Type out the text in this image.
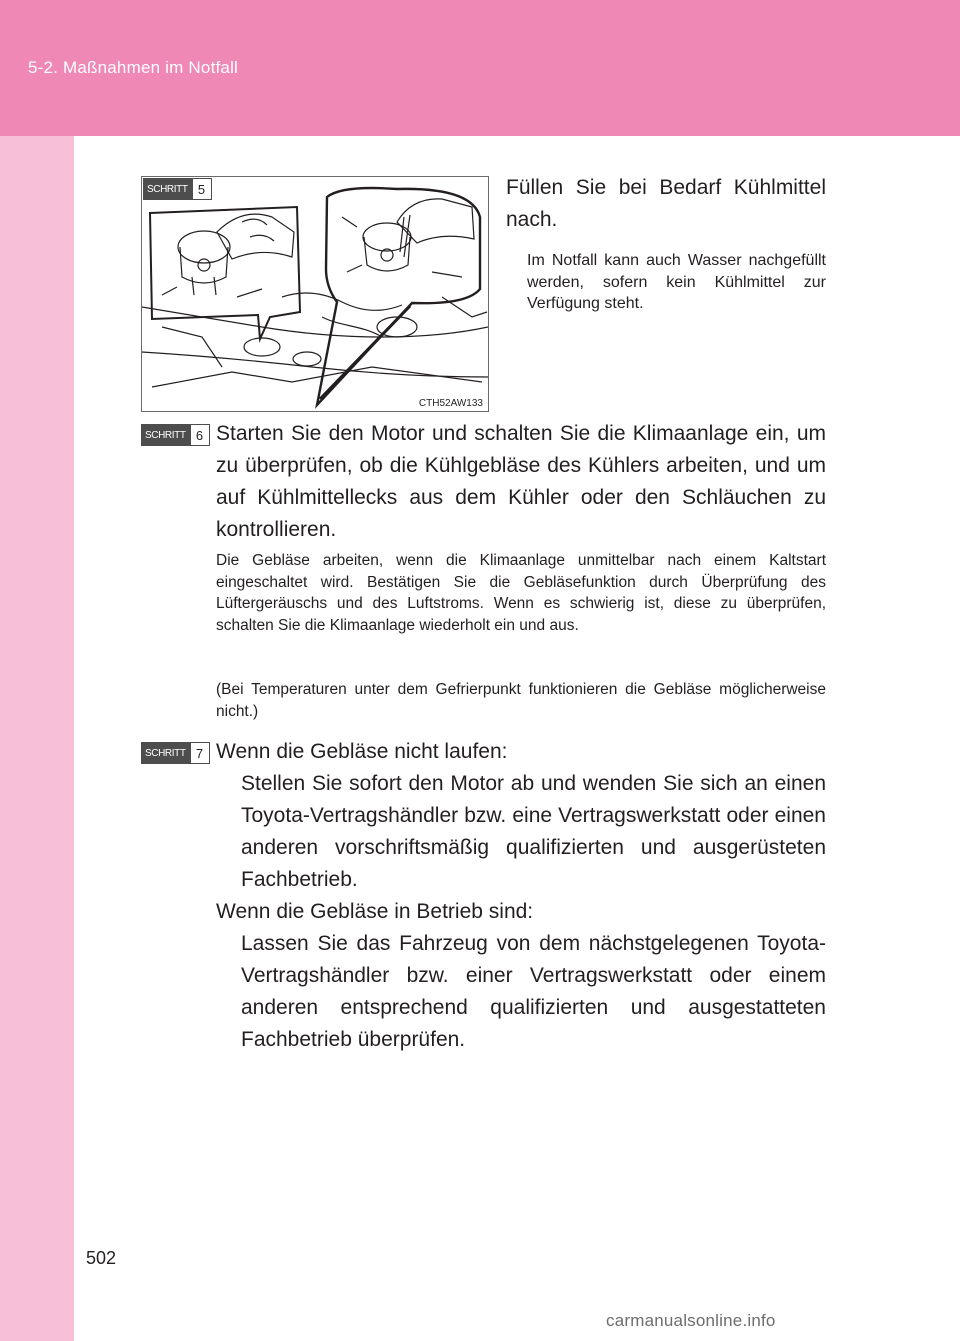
5-2. Maßnahmen im Notfall
SCHRITT 5
CTH52AW133

Füllen Sie bei Bedarf Kühlmittel nach.

Im Notfall kann auch Wasser nachgefüllt werden, sofern kein Kühlmittel zur Verfügung steht.

SCHRITT 6 Starten Sie den Motor und schalten Sie die Klimaanlage ein, um zu überprüfen, ob die Kühlgebläse des Kühlers arbeiten, und um auf Kühlmittellecks aus dem Kühler oder den Schläuchen zu kontrollieren.

Die Gebläse arbeiten, wenn die Klimaanlage unmittelbar nach einem Kaltstart eingeschaltet wird. Bestätigen Sie die Gebläsefunktion durch Überprüfung des Lüftergeräuschs und des Luftstroms. Wenn es schwierig ist, diese zu überprüfen, schalten Sie die Klimaanlage wiederholt ein und aus.

(Bei Temperaturen unter dem Gefrierpunkt funktionieren die Gebläse möglicherweise nicht.)

SCHRITT 7 Wenn die Gebläse nicht laufen:

Stellen Sie sofort den Motor ab und wenden Sie sich an einen Toyota-Vertragshändler bzw. eine Vertragswerkstatt oder einen anderen vorschriftsmäßig qualifizierten und ausgerüsteten Fachbetrieb.

Wenn die Gebläse in Betrieb sind:

Lassen Sie das Fahrzeug von dem nächstgelegenen Toyota-Vertragshändler bzw. einer Vertragswerkstatt oder einem anderen entsprechend qualifizierten und ausgestatteten Fachbetrieb überprüfen.

502
carmanualsonline.info
